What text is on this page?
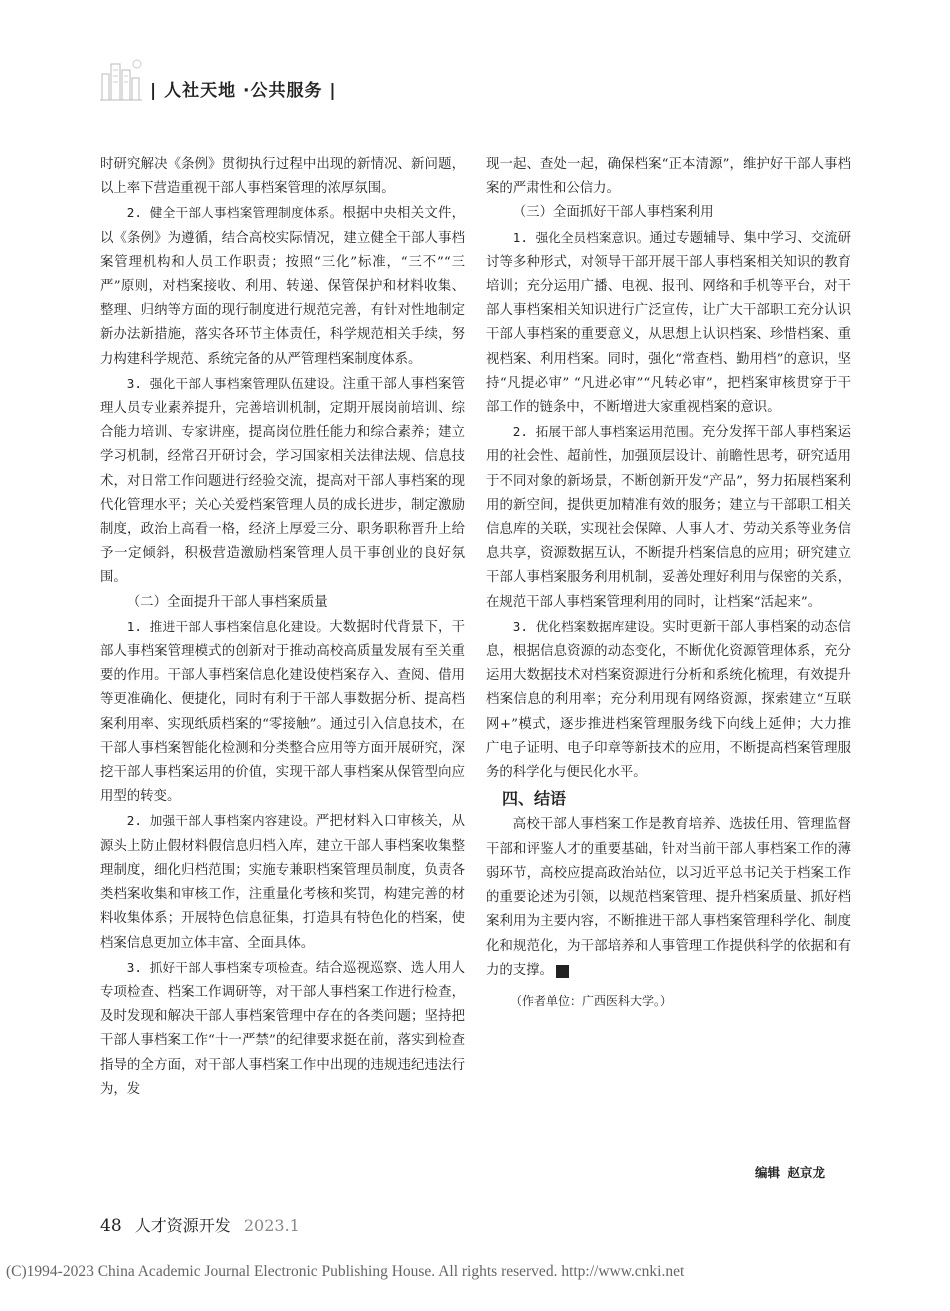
| 人社天地 ·公共服务 |

时研究解决《条例》贯彻执行过程中出现的新情况、新问题，以上率下营造重视干部人事档案管理的浓厚氛围。

2. 健全干部人事档案管理制度体系。根据中央相关文件，以《条例》为遵循，结合高校实际情况，建立健全干部人事档案管理机构和人员工作职责；按照“三化”标准，“三不”“三严”原则，对档案接收、利用、转递、保管保护和材料收集、整理、归纳等方面的现行制度进行规范完善，有针对性地制定新办法新措施，落实各环节主体责任，科学规范相关手续，努力构建科学规范、系统完备的从严管理档案制度体系。

3. 强化干部人事档案管理队伍建设。注重干部人事档案管理人员专业素养提升，完善培训机制，定期开展岗前培训、综合能力培训、专家讲座，提高岗位胜任能力和综合素养；建立学习机制，经常召开研讨会，学习国家相关法律法规、信息技术，对日常工作问题进行经验交流，提高对干部人事档案的现代化管理水平；关心关爱档案管理人员的成长进步，制定激励制度，政治上高看一格，经济上厚爱三分、职务职称晋升上给予一定倾斜，积极营造激励档案管理人员干事创业的良好氛围。

（二）全面提升干部人事档案质量

1. 推进干部人事档案信息化建设。大数据时代背景下，干部人事档案管理模式的创新对于推动高校高质量发展有至关重要的作用。干部人事档案信息化建设使档案存入、查阅、借用等更准确化、便捷化，同时有利于干部人事数据分析、提高档案利用率、实现纸质档案的“零接触”。通过引入信息技术，在干部人事档案智能化检测和分类整合应用等方面开展研究，深挖干部人事档案运用的价值，实现干部人事档案从保管型向应用型的转变。

2. 加强干部人事档案内容建设。严把材料入口审核关，从源头上防止假材料假信息归档入库，建立干部人事档案收集整理制度，细化归档范围；实施专兼职档案管理员制度，负责各类档案收集和审核工作，注重量化考核和奖罚，构建完善的材料收集体系；开展特色信息征集，打造具有特色化的档案，使档案信息更加立体丰富、全面具体。

3. 抓好干部人事档案专项检查。结合巡视巡察、选人用人专项检查、档案工作调研等，对干部人事档案工作进行检查，及时发现和解决干部人事档案管理中存在的各类问题；坚持把干部人事档案工作“十一严禁”的纪律要求挺在前，落实到检查指导的全方面，对干部人事档案工作中出现的违规违纪违法行为，发

现一起、查处一起，确保档案“正本清源”，维护好干部人事档案的严肃性和公信力。

（三）全面抓好干部人事档案利用

1. 强化全员档案意识。通过专题辅导、集中学习、交流研讨等多种形式，对领导干部开展干部人事档案相关知识的教育培训；充分运用广播、电视、报刊、网络和手机等平台，对干部人事档案相关知识进行广泛宣传，让广大干部职工充分认识干部人事档案的重要意义，从思想上认识档案、珍惜档案、重视档案、利用档案。同时，强化“常查档、勤用档”的意识，坚持“凡提必审” “凡进必审”“凡转必审”，把档案审核贯穿于干部工作的链条中，不断增进大家重视档案的意识。

2. 拓展干部人事档案运用范围。充分发挥干部人事档案运用的社会性、超前性，加强顶层设计、前瞻性思考，研究适用于不同对象的新场景，不断创新开发“产品”，努力拓展档案利用的新空间，提供更加精准有效的服务；建立与干部职工相关信息库的关联，实现社会保障、人事人才、劳动关系等业务信息共享，资源数据互认，不断提升档案信息的应用；研究建立干部人事档案服务利用机制，妥善处理好利用与保密的关系，在规范干部人事档案管理利用的同时，让档案“活起来”。

3. 优化档案数据库建设。实时更新干部人事档案的动态信息，根据信息资源的动态变化，不断优化资源管理体系，充分运用大数据技术对档案资源进行分析和系统化梳理，有效提升档案信息的利用率；充分利用现有网络资源，探索建立“互联网+”模式，逐步推进档案管理服务线下向线上延伸；大力推广电子证明、电子印章等新技术的应用，不断提高档案管理服务的科学化与便民化水平。

四、结语

高校干部人事档案工作是教育培养、选拔任用、管理监督干部和评鉴人才的重要基础，针对当前干部人事档案工作的薄弱环节，高校应提高政治站位，以习近平总书记关于档案工作的重要论述为引领，以规范档案管理、提升档案质量、抓好档案利用为主要内容，不断推进干部人事档案管理科学化、制度化和规范化，为干部培养和人事管理工作提供科学的依据和有力的支撑。	R

（作者单位：广西医科大学。）

编辑 赵京龙
48 人才资源开发 2023.1
(C)1994-2023 China Academic Journal Electronic Publishing House. All rights reserved. http://www.cnki.net
